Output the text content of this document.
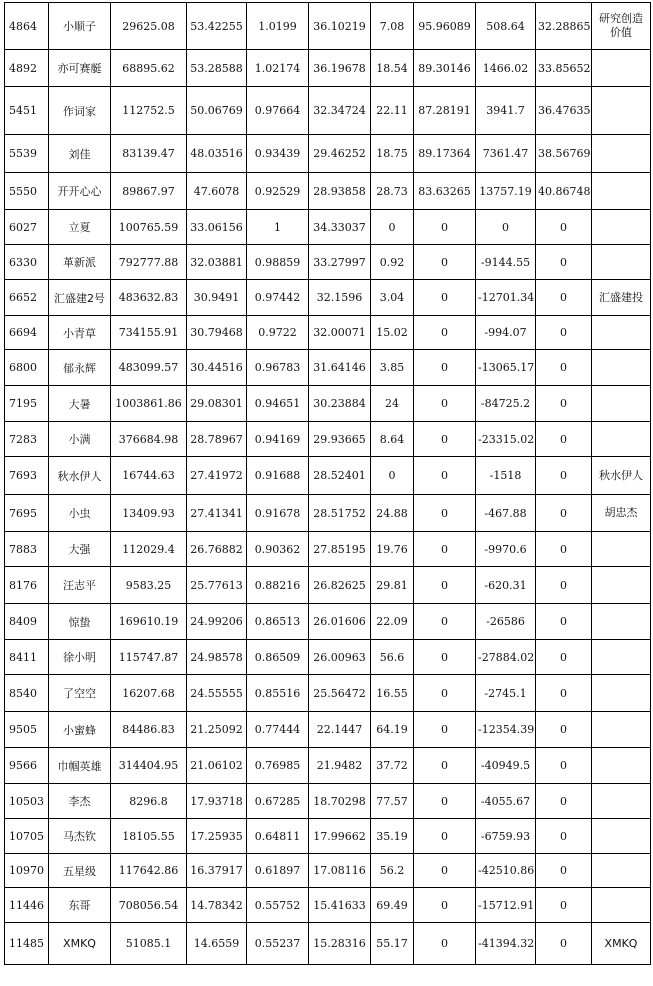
4864	小顺子	29625.08	53.42255	1.0199	36.10219	7.08	95.96089	508.64	32.28865	研究创造价值
4892	亦可赛艇	68895.62	53.28588	1.02174	36.19678	18.54	89.30146	1466.02	33.85652	
5451	作词家	112752.5	50.06769	0.97664	32.34724	22.11	87.28191	3941.7	36.47635	
5539	刘佳	83139.47	48.03516	0.93439	29.46252	18.75	89.17364	7361.47	38.56769	
5550	开开心心	89867.97	47.6078	0.92529	28.93858	28.73	83.63265	13757.19	40.86748	
6027	立夏	100765.59	33.06156	1	34.33037	0	0	0	0	
6330	革新派	792777.88	32.03881	0.98859	33.27997	0.92	0	-9144.55	0	
6652	汇盛建2号	483632.83	30.9491	0.97442	32.1596	3.04	0	-12701.34	0	汇盛建投
6694	小青草	734155.91	30.79468	0.9722	32.00071	15.02	0	-994.07	0	
6800	郁永辉	483099.57	30.44516	0.96783	31.64146	3.85	0	-13065.17	0	
7195	大暑	1003861.86	29.08301	0.94651	30.23884	24	0	-84725.2	0	
7283	小满	376684.98	28.78967	0.94169	29.93665	8.64	0	-23315.02	0	
7693	秋水伊人	16744.63	27.41972	0.91688	28.52401	0	0	-1518	0	秋水伊人
7695	小虫	13409.93	27.41341	0.91678	28.51752	24.88	0	-467.88	0	胡忠杰
7883	大强	112029.4	26.76882	0.90362	27.85195	19.76	0	-9970.6	0	
8176	汪志平	9583.25	25.77613	0.88216	26.82625	29.81	0	-620.31	0	
8409	惊蛰	169610.19	24.99206	0.86513	26.01606	22.09	0	-26586	0	
8411	徐小明	115747.87	24.98578	0.86509	26.00963	56.6	0	-27884.02	0	
8540	了空空	16207.68	24.55555	0.85516	25.56472	16.55	0	-2745.1	0	
9505	小蜜蜂	84486.83	21.25092	0.77444	22.1447	64.19	0	-12354.39	0	
9566	巾帼英雄	314404.95	21.06102	0.76985	21.9482	37.72	0	-40949.5	0	
10503	李杰	8296.8	17.93718	0.67285	18.70298	77.57	0	-4055.67	0	
10705	马杰钦	18105.55	17.25935	0.64811	17.99662	35.19	0	-6759.93	0	
10970	五星级	117642.86	16.37917	0.61897	17.08116	56.2	0	-42510.86	0	
11446	东哥	708056.54	14.78342	0.55752	15.41633	69.49	0	-15712.91	0	
11485	XMKQ	51085.1	14.6559	0.55237	15.28316	55.17	0	-41394.32	0	XMKQ
